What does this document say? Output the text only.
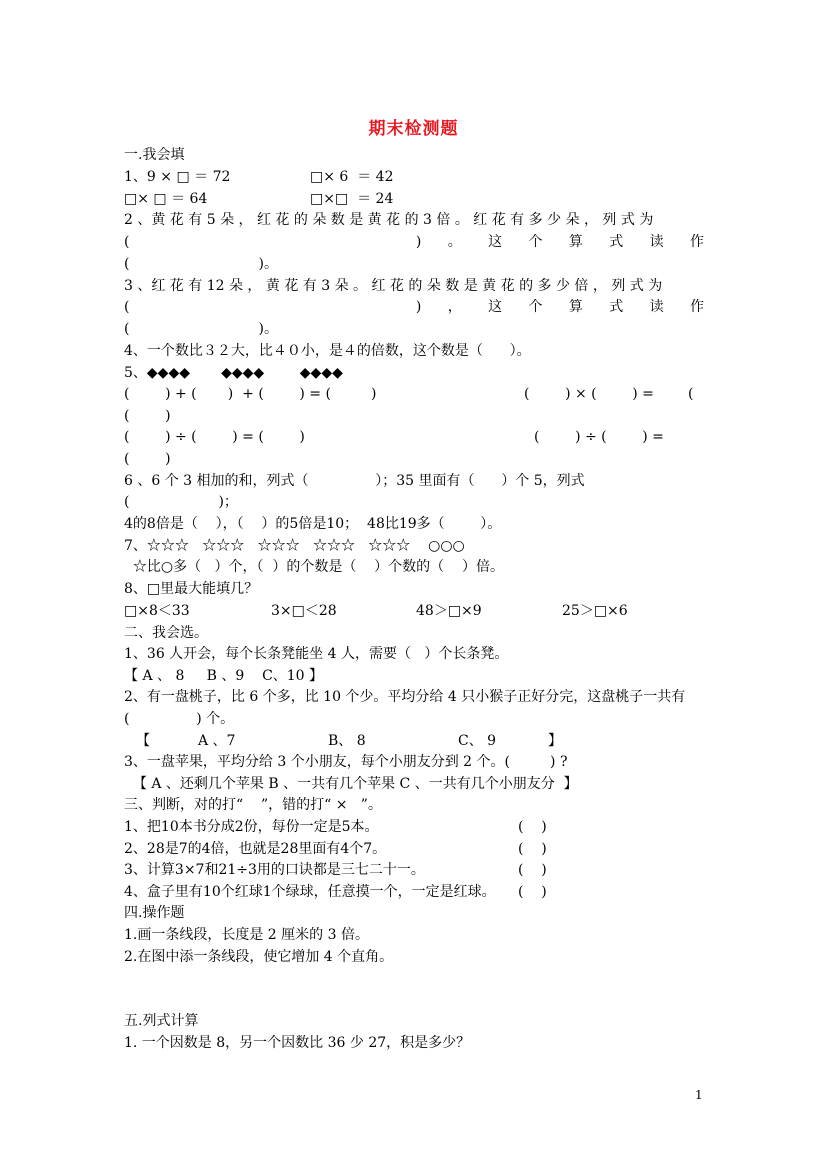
期末检测题
一.我会填
1、9 × □ ＝ 72	□× 6  ＝ 42
□× □ ＝ 64	□×□  ＝ 24
2 、黄 花 有 5 朵 ， 红 花 的 朵 数 是 黄 花 的 3 倍 。 红 花 有 多 少 朵 ， 列 式 为
(	) 。 这 个 算 式 读 作
(                             )。
3 、红 花 有 12 朵 ， 黄 花 有 3 朵 。 红 花 的 朵 数 是 黄 花 的 多 少 倍 ， 列 式 为
(	) ， 这 个 算 式 读 作
(                             )。
4、一个数比３２大，比４０小，是４的倍数，这个数是（      ）。
5、◆◆◆◆       ◆◆◆◆        ◆◆◆◆
(        ) + (       )  + (        ) = (         )	(        ) × (        ) = (
(        )
(        ) ÷ (        ) = (        )	(        ) ÷ (        ) =
(        )
6 、6 个 3 相加的和，列式（               ）；35 里面有（      ）个 5，列式
(                    )；
4的8倍是（    ），（    ）的5倍是10；  48比19多（        ）。
7、☆☆☆   ☆☆☆   ☆☆☆   ☆☆☆   ☆☆☆    ○○○
☆比○多（   ）个，（  ）的个数是（    ）个数的（    ）倍。
8、□里最大能填几？
□×8＜33	3×□＜28	48＞□×9	25＞□×6
二、我会选。
1、36 人开会，每个长条凳能坐 4 人，需要（   ）个长条凳。
【 A 、 8     B 、9    C、10 】
2、有一盘桃子，比 6 个多，比 10 个少。平均分给 4 只小猴子正好分完，这盘桃子一共有
(               ) 个。
【	A 、7	B、 8	C、 9	】
3、一盘苹果，平均分给 3 个小朋友，每个小朋友分到 2 个。(         ) ?
【 A 、还剩几个苹果 B 、一共有几个苹果 C 、一共有几个小朋友分  】
三、判断，对的打“    ”，错的打“ ×   ”。
1、把10本书分成2份，每份一定是5本。	(    )
2、28是7的4倍，也就是28里面有4个7。	(    )
3、计算3×7和21÷3用的口诀都是三七二十一。	(    )
4、盒子里有10个红球1个绿球，任意摸一个，一定是红球。 (    )
四.操作题
1.画一条线段，长度是 2 厘米的 3 倍。
2.在图中添一条线段，使它增加 4 个直角。
五.列式计算
1. 一个因数是 8，另一个因数比 36 少 27，积是多少？
1
